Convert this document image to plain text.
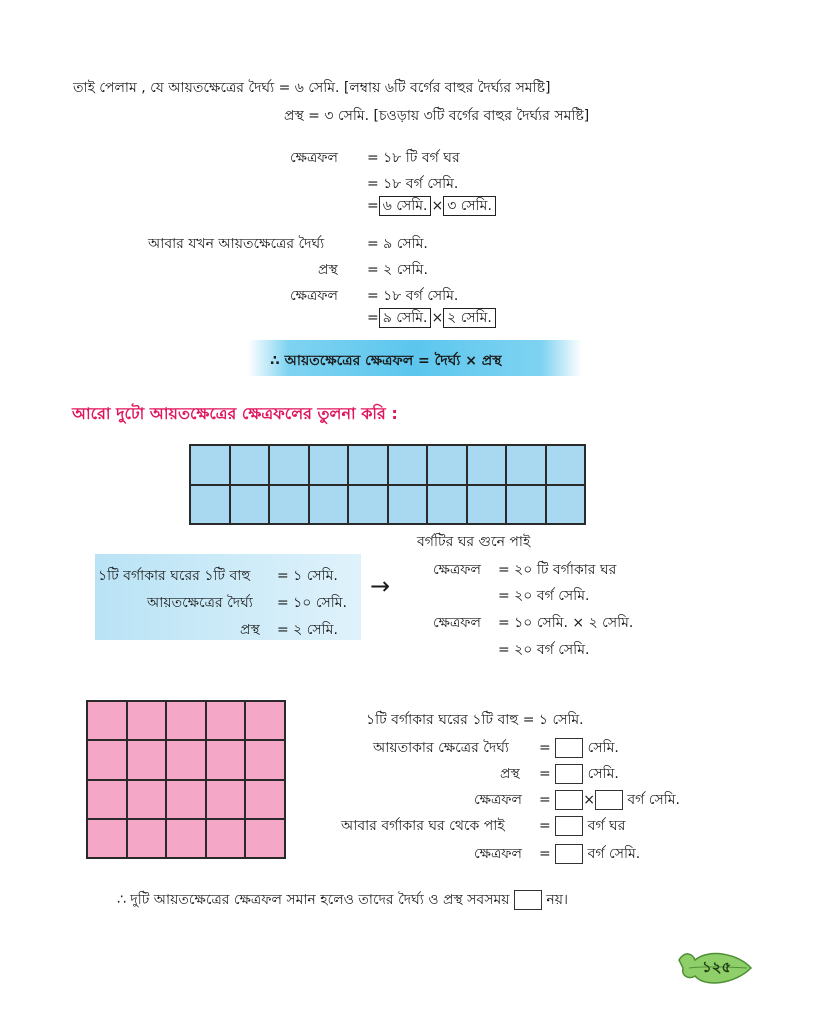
তাই পেলাম , যে আয়তক্ষেত্রের দৈর্ঘ্য = ৬ সেমি. [লম্বায় ৬টি বর্গের বাহুর দৈর্ঘ্যর সমষ্টি]
প্রস্থ = ৩ সেমি. [চওড়ায় ৩টি বর্গের বাহুর দৈর্ঘ্যর সমষ্টি]
ক্ষেত্রফল = ১৮ টি বর্গ ঘর
= ১৮ বর্গ সেমি.
= ৬ সেমি. × ৩ সেমি.
আবার যখন আয়তক্ষেত্রের দৈর্ঘ্য	= ৯ সেমি.
প্রস্থ = ২ সেমি.
ক্ষেত্রফল = ১৮ বর্গ সেমি.
= ৯ সেমি. × ২ সেমি.
∴ আয়তক্ষেত্রের ক্ষেত্রফল = দৈর্ঘ্য × প্রস্থ
আরো দুটো আয়তক্ষেত্রের ক্ষেত্রফলের তুলনা করি :
বর্গটির ঘর গুনে পাই
১টি বর্গাকার ঘরের ১টি বাহু = ১ সেমি.
আয়তক্ষেত্রের দৈর্ঘ্য = ১০ সেমি.
প্রস্থ = ২ সেমি.
→
ক্ষেত্রফল = ২০ টি বর্গাকার ঘর
= ২০ বর্গ সেমি.
ক্ষেত্রফল = ১০ সেমি. × ২ সেমি.
= ২০ বর্গ সেমি.
১টি বর্গাকার ঘরের ১টি বাহু = ১ সেমি.
আয়তাকার ক্ষেত্রের দৈর্ঘ্য =	সেমি.
প্রস্থ =	সেমি.
ক্ষেত্রফল = × বর্গ সেমি.
আবার বর্গাকার ঘর থেকে পাই =	বর্গ ঘর
ক্ষেত্রফল =	বর্গ সেমি.
∴ দুটি আয়তক্ষেত্রের ক্ষেত্রফল সমান হলেও তাদের দৈর্ঘ্য ও প্রস্থ সবসময়	নয়।
১২৫
